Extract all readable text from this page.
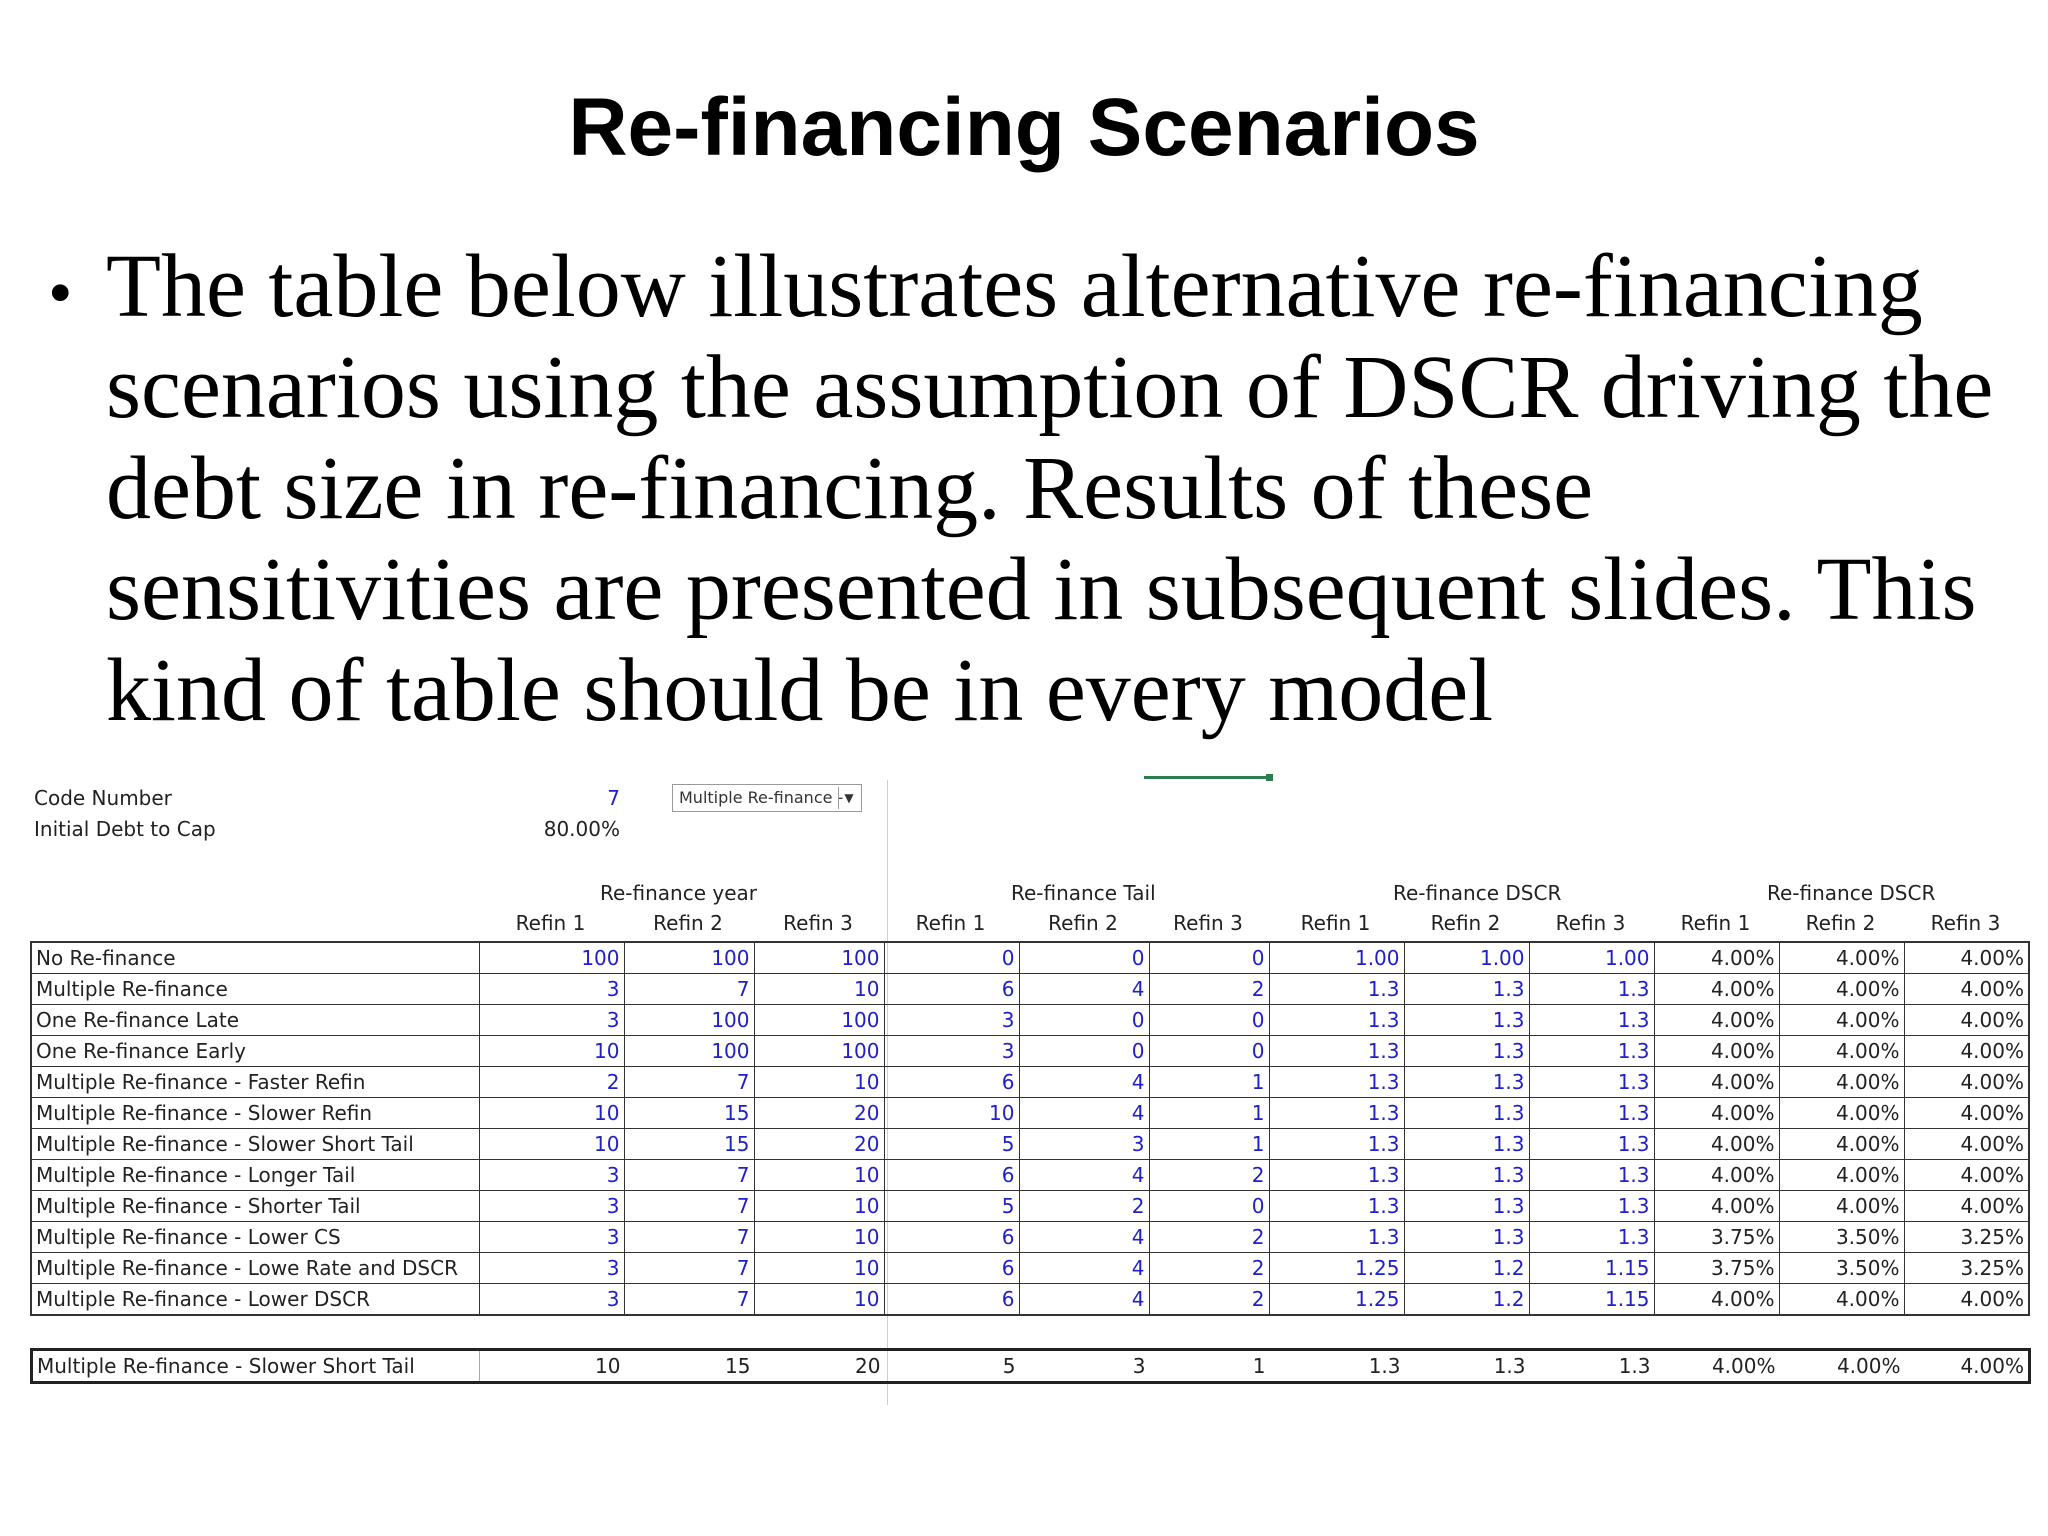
Re-financing Scenarios
• The table below illustrates alternative re-financing scenarios using the assumption of DSCR driving the debt size in re-financing. Results of these sensitivities are presented in subsequent slides. This kind of table should be in every model
Code Number	7
Initial Debt to Cap	80.00%
Multiple Re-finance - ▼
Re-finance year	Re-finance Tail	Re-finance DSCR	Re-finance DSCR
Refin 1	Refin 2	Refin 3	Refin 1	Refin 2	Refin 3	Refin 1	Refin 2	Refin 3	Refin 1	Refin 2	Refin 3
No Re-finance	100	100	100	0	0	0	1.00	1.00	1.00	4.00%	4.00%	4.00%
Multiple Re-finance	3	7	10	6	4	2	1.3	1.3	1.3	4.00%	4.00%	4.00%
One Re-finance Late	3	100	100	3	0	0	1.3	1.3	1.3	4.00%	4.00%	4.00%
One Re-finance Early	10	100	100	3	0	0	1.3	1.3	1.3	4.00%	4.00%	4.00%
Multiple Re-finance - Faster Refin	2	7	10	6	4	1	1.3	1.3	1.3	4.00%	4.00%	4.00%
Multiple Re-finance - Slower Refin	10	15	20	10	4	1	1.3	1.3	1.3	4.00%	4.00%	4.00%
Multiple Re-finance - Slower Short Tail	10	15	20	5	3	1	1.3	1.3	1.3	4.00%	4.00%	4.00%
Multiple Re-finance - Longer Tail	3	7	10	6	4	2	1.3	1.3	1.3	4.00%	4.00%	4.00%
Multiple Re-finance - Shorter Tail	3	7	10	5	2	0	1.3	1.3	1.3	4.00%	4.00%	4.00%
Multiple Re-finance - Lower CS	3	7	10	6	4	2	1.3	1.3	1.3	3.75%	3.50%	3.25%
Multiple Re-finance - Lowe Rate and DSCR	3	7	10	6	4	2	1.25	1.2	1.15	3.75%	3.50%	3.25%
Multiple Re-finance - Lower DSCR	3	7	10	6	4	2	1.25	1.2	1.15	4.00%	4.00%	4.00%
Multiple Re-finance - Slower Short Tail	10	15	20	5	3	1	1.3	1.3	1.3	4.00%	4.00%	4.00%
